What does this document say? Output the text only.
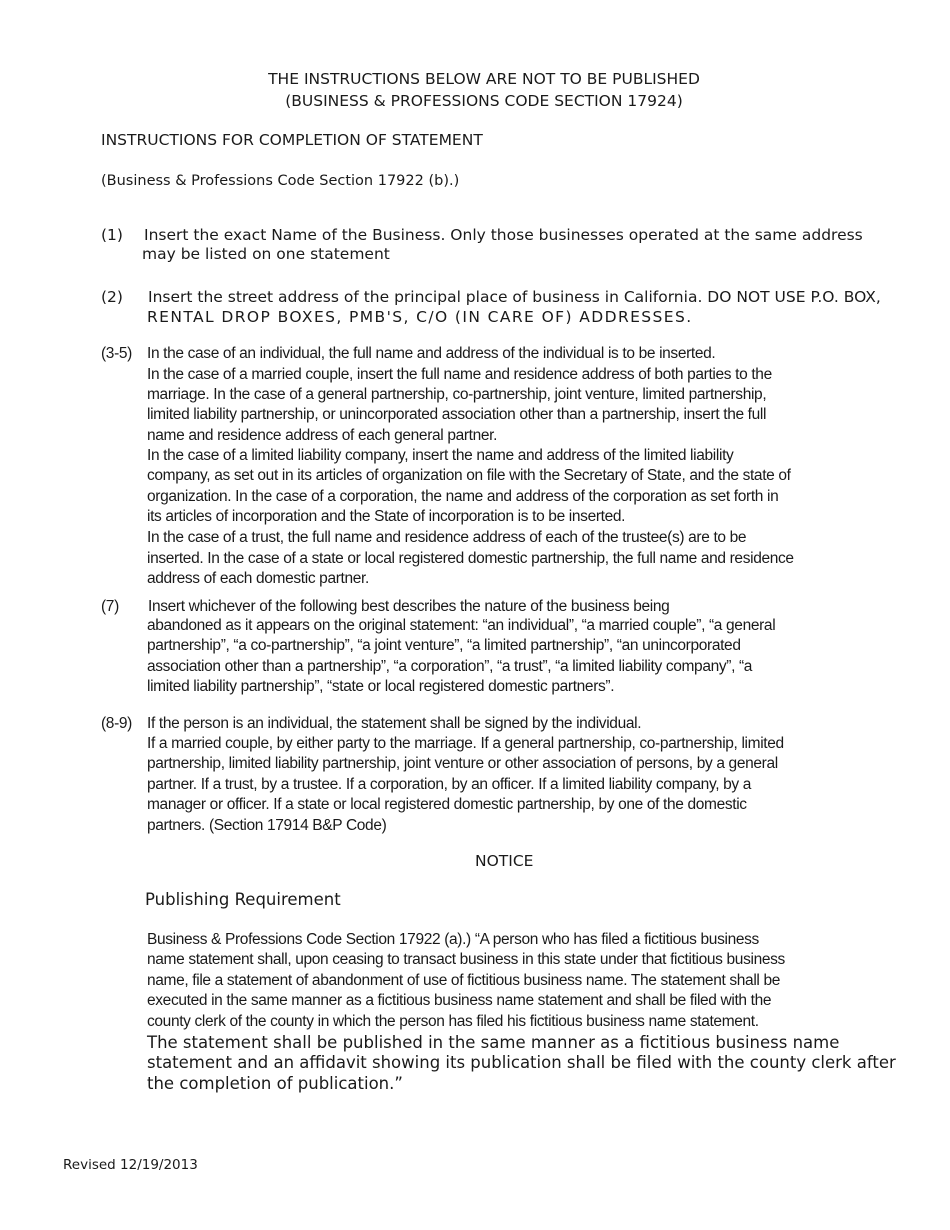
THE INSTRUCTIONS BELOW ARE NOT TO BE PUBLISHED
(BUSINESS & PROFESSIONS CODE SECTION 17924)
INSTRUCTIONS FOR COMPLETION OF STATEMENT
(Business & Professions Code Section 17922 (b).)
(1) Insert the exact Name of the Business. Only those businesses operated at the same address
may be listed on one statement
(2) Insert the street address of the principal place of business in California. DO NOT USE P.O. BOX,
RENTAL DROP BOXES, PMB'S, C/O (IN CARE OF) ADDRESSES.
(3-5) In the case of an individual, the full name and address of the individual is to be inserted.
In the case of a married couple, insert the full name and residence address of both parties to the
marriage. In the case of a general partnership, co-partnership, joint venture, limited partnership,
limited liability partnership, or unincorporated association other than a partnership, insert the full
name and residence address of each general partner.
In the case of a limited liability company, insert the name and address of the limited liability
company, as set out in its articles of organization on file with the Secretary of State, and the state of
organization. In the case of a corporation, the name and address of the corporation as set forth in
its articles of incorporation and the State of incorporation is to be inserted.
In the case of a trust, the full name and residence address of each of the trustee(s) are to be
inserted. In the case of a state or local registered domestic partnership, the full name and residence
address of each domestic partner.
(7) Insert whichever of the following best describes the nature of the business being
abandoned as it appears on the original statement: “an individual”, “a married couple”, “a general
partnership”, “a co-partnership”, “a joint venture”, “a limited partnership”, “an unincorporated
association other than a partnership”, “a corporation”, “a trust”, “a limited liability company”, “a
limited liability partnership”, “state or local registered domestic partners”.
(8-9) If the person is an individual, the statement shall be signed by the individual.
If a married couple, by either party to the marriage. If a general partnership, co-partnership, limited
partnership, limited liability partnership, joint venture or other association of persons, by a general
partner. If a trust, by a trustee. If a corporation, by an officer. If a limited liability company, by a
manager or officer. If a state or local registered domestic partnership, by one of the domestic
partners. (Section 17914 B&P Code)
NOTICE
Publishing Requirement
Business & Professions Code Section 17922 (a).) “A person who has filed a fictitious business
name statement shall, upon ceasing to transact business in this state under that fictitious business
name, file a statement of abandonment of use of fictitious business name. The statement shall be
executed in the same manner as a fictitious business name statement and shall be filed with the
county clerk of the county in which the person has filed his fictitious business name statement.
The statement shall be published in the same manner as a fictitious business name
statement and an affidavit showing its publication shall be filed with the county clerk after
the completion of publication.”
Revised 12/19/2013
